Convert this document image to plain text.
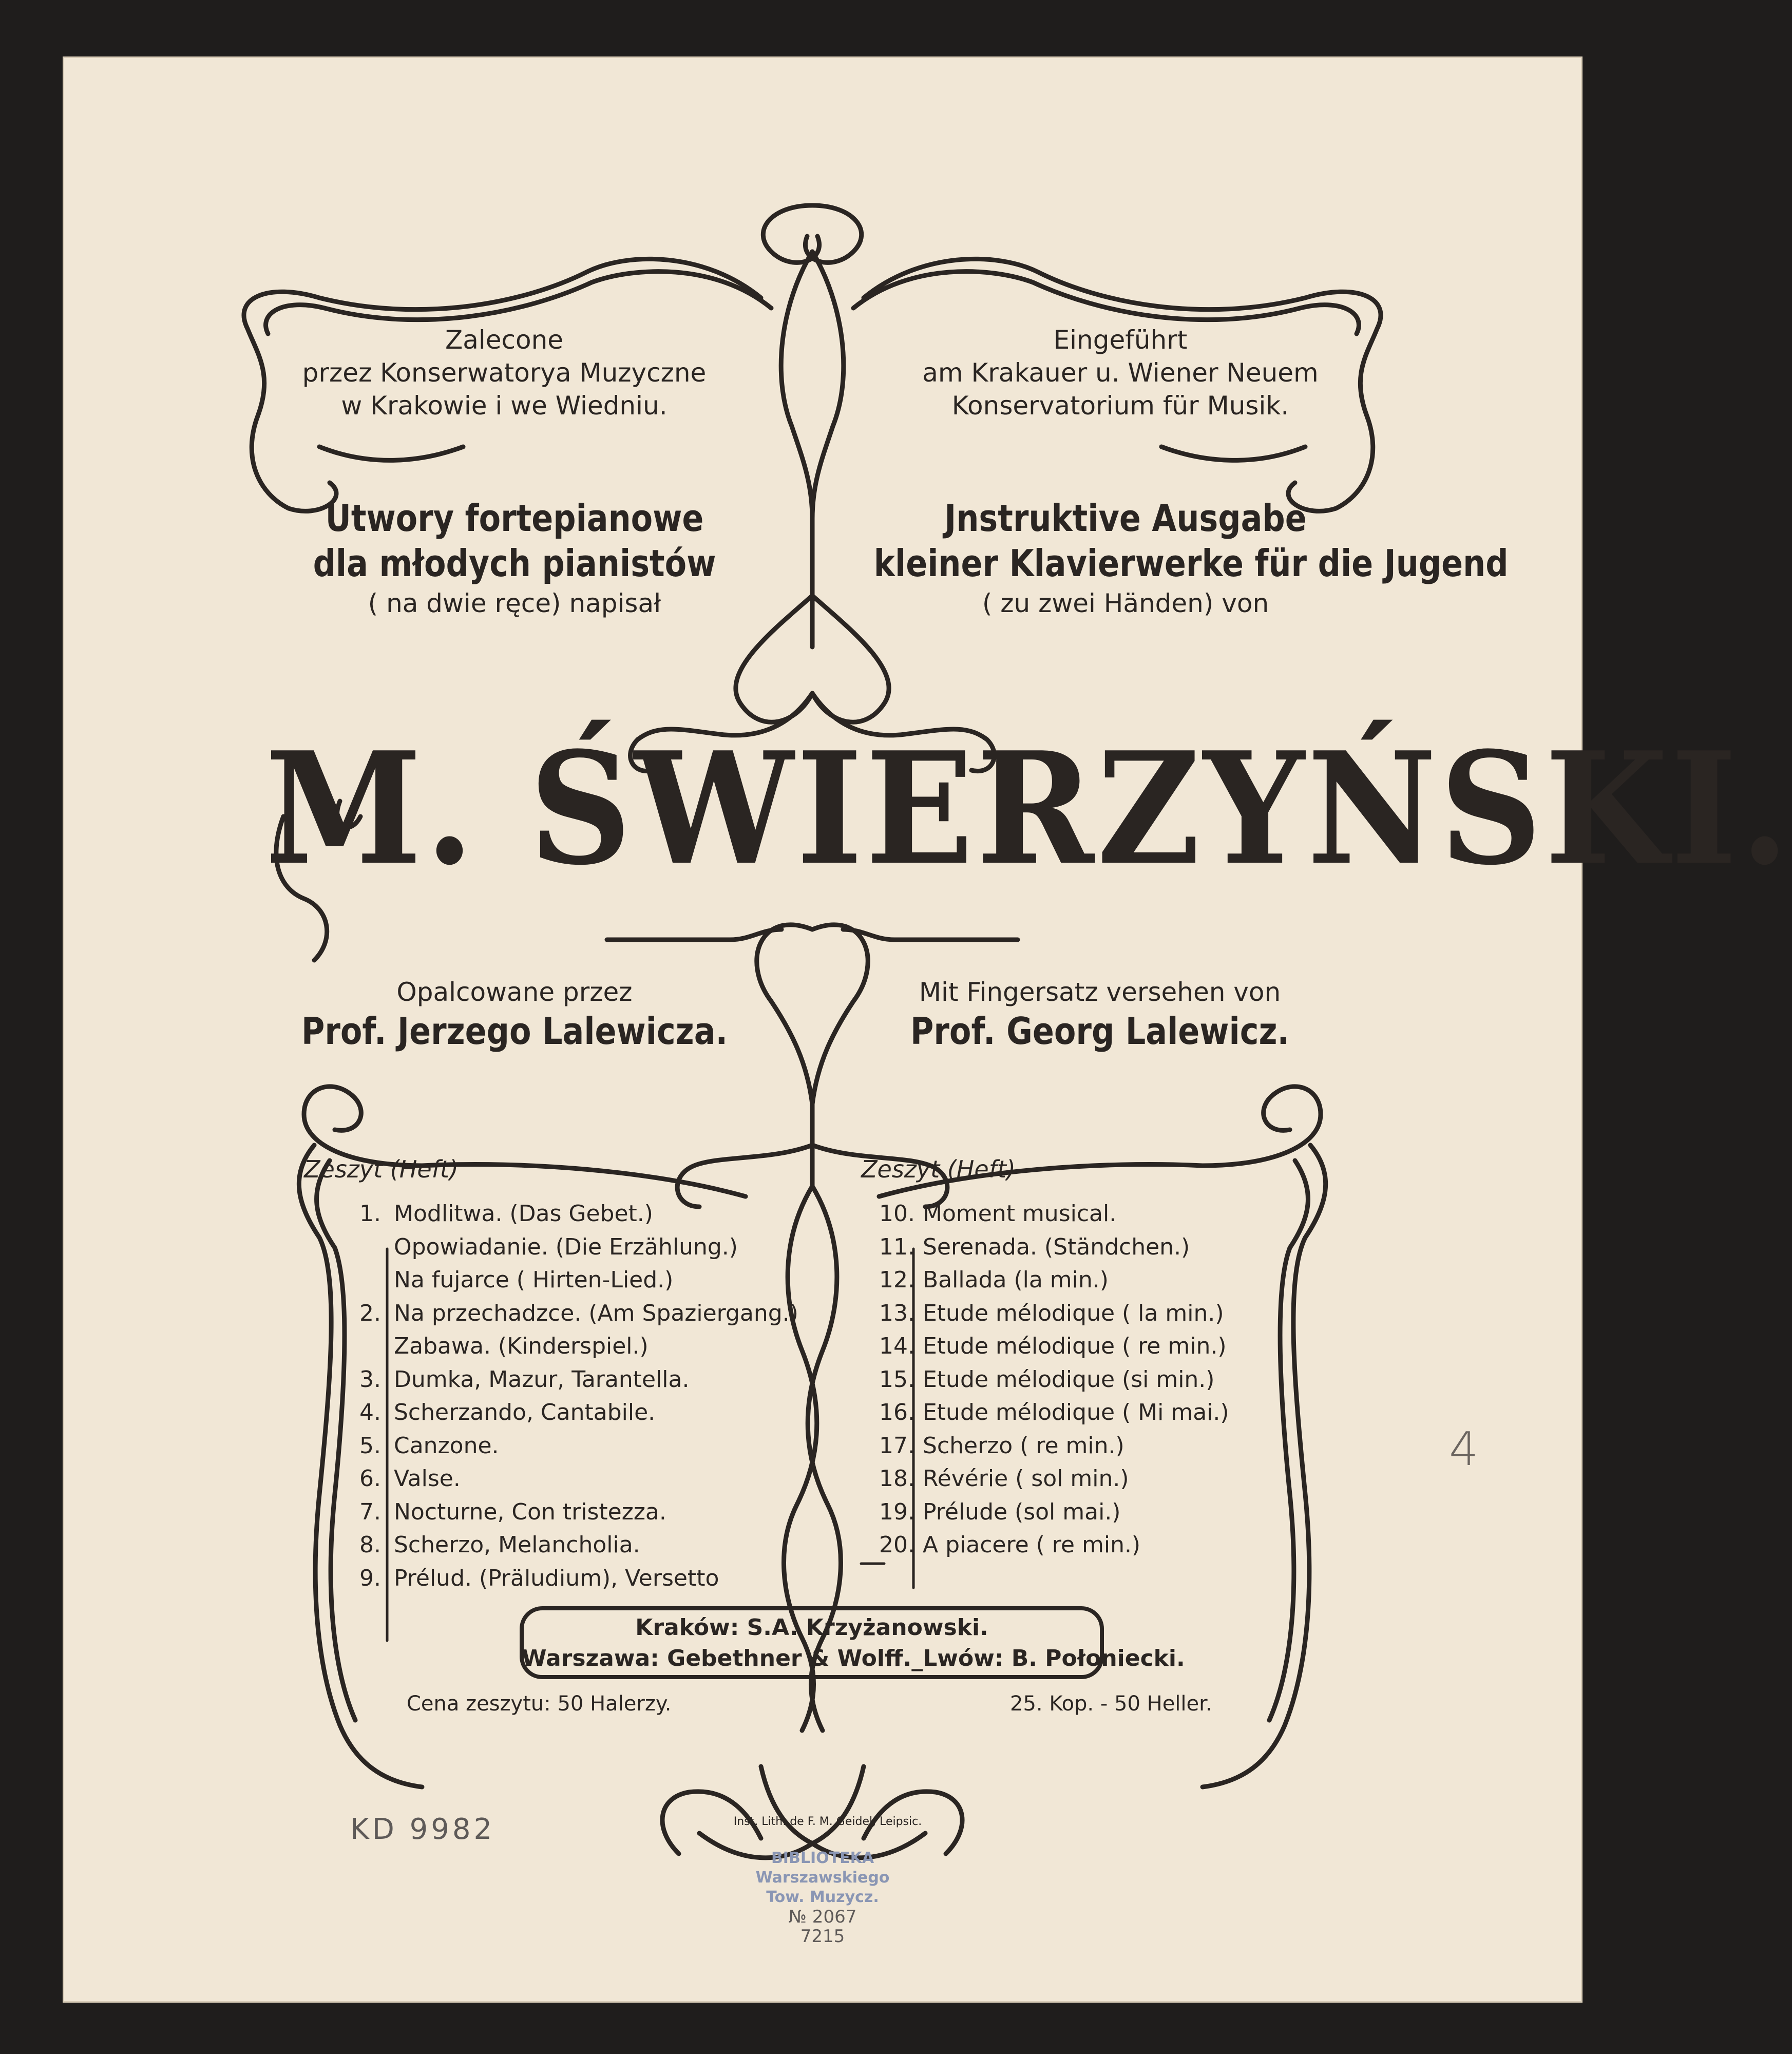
Zalecone
przez Konserwatorya Muzyczne
w Krakowie i we Wiedniu.
Eingeführt
am Krakauer u. Wiener Neuem
Konservatorium für Musik.
Utwory fortepianowe
dla młodych pianistów
( na dwie ręce) napisał
Jnstruktive Ausgabe
kleiner Klavierwerke für die Jugend
( zu zwei Händen) von
M. ŚWIERZYŃSKI.
Opalcowane przez
Prof. Jerzego Lalewicza.
Mit Fingersatz versehen von
Prof. Georg Lalewicz.
Zeszyt (Heft)
1. Modlitwa. (Das Gebet.)
Opowiadanie. (Die Erzählung.)
Na fujarce ( Hirten-Lied.)
2. Na przechadzce. (Am Spaziergang.)
Zabawa. (Kinderspiel.)
3. Dumka, Mazur, Tarantella.
4. Scherzando, Cantabile.
5. Canzone.
6. Valse.
7. Nocturne, Con tristezza.
8. Scherzo, Melancholia.
9. Prélud. (Präludium), Versetto
Zeszyt (Heft)
10. Moment musical.
11. Serenada. (Ständchen.)
12. Ballada (la min.)
13. Etude mélodique ( la min.)
14. Etude mélodique ( re min.)
15. Etude mélodique (si min.)
16. Etude mélodique ( Mi mai.)
17. Scherzo ( re min.)
18. Révérie ( sol min.)
19. Prélude (sol mai.)
20. A piacere ( re min.)
Kraków: S.A. Krzyżanowski.
Warszawa: Gebethner & Wolff._Lwów: B. Połoniecki.
Cena zeszytu: 50 Halerzy.	25. Kop. - 50 Heller.
Inst. Lith. de F. M. Geidel, Leipsic.
4
KD 9982
BIBLIOTEKA
Warszawskiego
Tow. Muzycz.
№ 2067
7215
